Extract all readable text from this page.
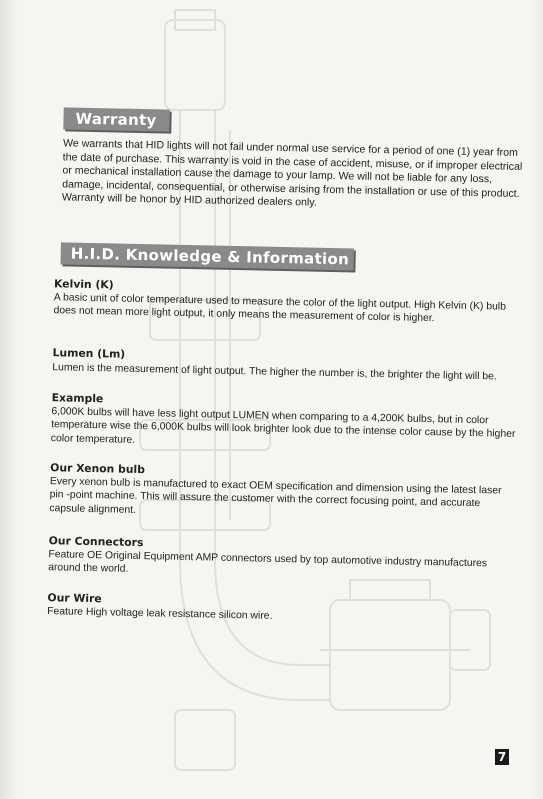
Warranty

We warrants that HID lights will not fail under normal use service for a period of one (1) year from the date of purchase. This warranty is void in the case of accident, misuse, or if improper electrical or mechanical installation cause the damage to your lamp. We will not be liable for any loss, damage, incidental, consequential, or otherwise arising from the installation or use of this product. Warranty will be honor by HID authorized dealers only.

H.I.D. Knowledge & Information

Kelvin (K)

A basic unit of color temperature used to measure the color of the light output. High Kelvin (K) bulb does not mean more light output, it only means the measurement of color is higher.

Lumen (Lm)

Lumen is the measurement of light output. The higher the number is, the brighter the light will be.

Example

6,000K bulbs will have less light output LUMEN when comparing to a 4,200K bulbs, but in color temperature wise the 6,000K bulbs will look brighter look due to the intense color cause by the higher color temperature.

Our Xenon bulb

Every xenon bulb is manufactured to exact OEM specification and dimension using the latest laser pin -point machine. This will assure the customer with the correct focusing point, and accurate capsule alignment.

Our Connectors

Feature OE Original Equipment AMP connectors used by top automotive industry manufactures around the world.

Our Wire

Feature High voltage leak resistance silicon wire.

7
